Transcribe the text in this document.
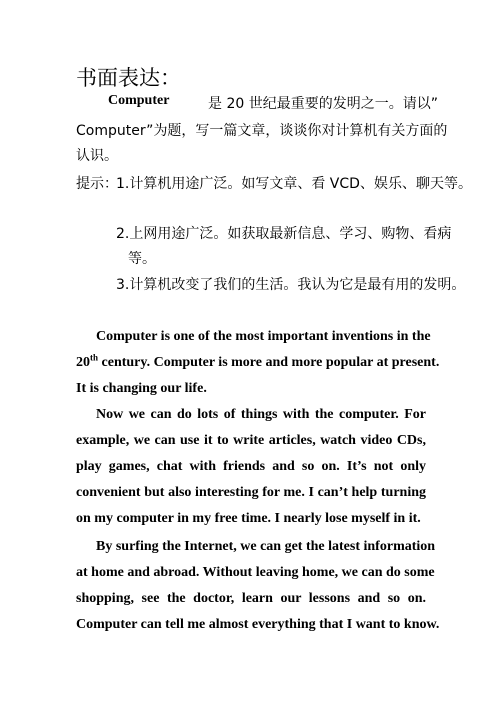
书面表达：
Computer	是 20 世纪最重要的发明之一。请以”
Computer”为题，写一篇文章，谈谈你对计算机有关方面的
认识。
提示：
1.计算机用途广泛。如写文章、看 VCD、娱乐、聊天等。
2.上网用途广泛。如获取最新信息、学习、购物、看病
等。
3.计算机改变了我们的生活。我认为它是最有用的发明。
Computer is one of the most important inventions in the
20th century. Computer is more and more popular at present.
It is changing our life.
Now we can do lots of things with the computer. For
example, we can use it to write articles, watch video CDs,
play games, chat with friends and so on. It’s not only
convenient but also interesting for me. I can’t help turning
on my computer in my free time. I nearly lose myself in it.
By surfing the Internet, we can get the latest information
at home and abroad. Without leaving home, we can do some
shopping, see the doctor, learn our lessons and so on.
Computer can tell me almost everything that I want to know.
